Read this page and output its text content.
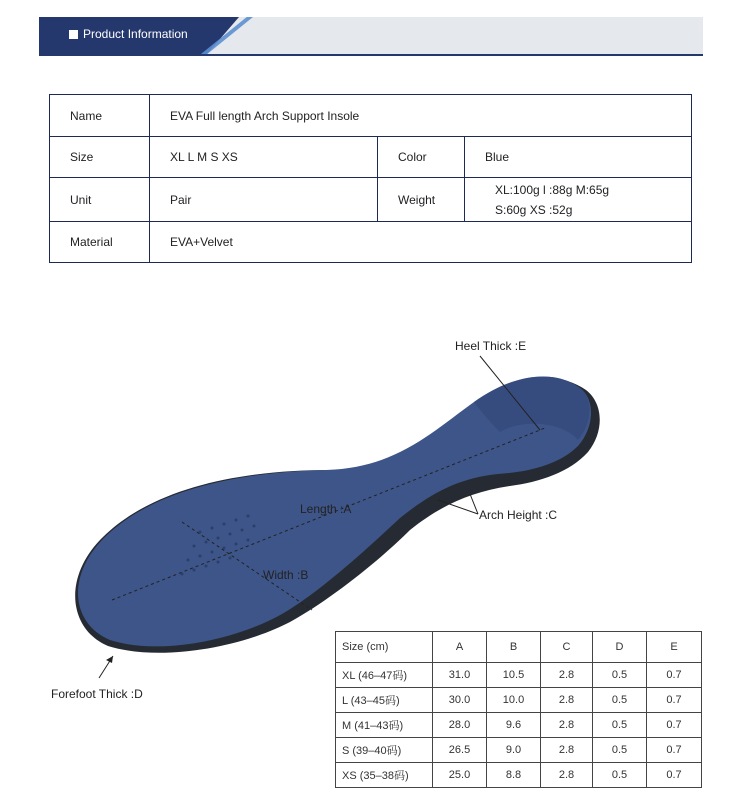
Product Information
Name	EVA Full length Arch Support Insole		
Size	XL L M S XS	Color	Blue
Unit	Pair	Weight	XL:100g l :88g M:65g
S:60g XS :52g

Material	EVA+Velvet		
Heel Thick :E
Length :A	Arch Height :C
Width :B
Forefoot Thick :D
Size (cm)	A	B	C	D	E
XL (46–47码)	31.0	10.5	2.8	0.5	0.7
L (43–45码)	30.0	10.0	2.8	0.5	0.7
M (41–43码)	28.0	9.6	2.8	0.5	0.7
S (39–40码)	26.5	9.0	2.8	0.5	0.7
XS (35–38码)	25.0	8.8	2.8	0.5	0.7
